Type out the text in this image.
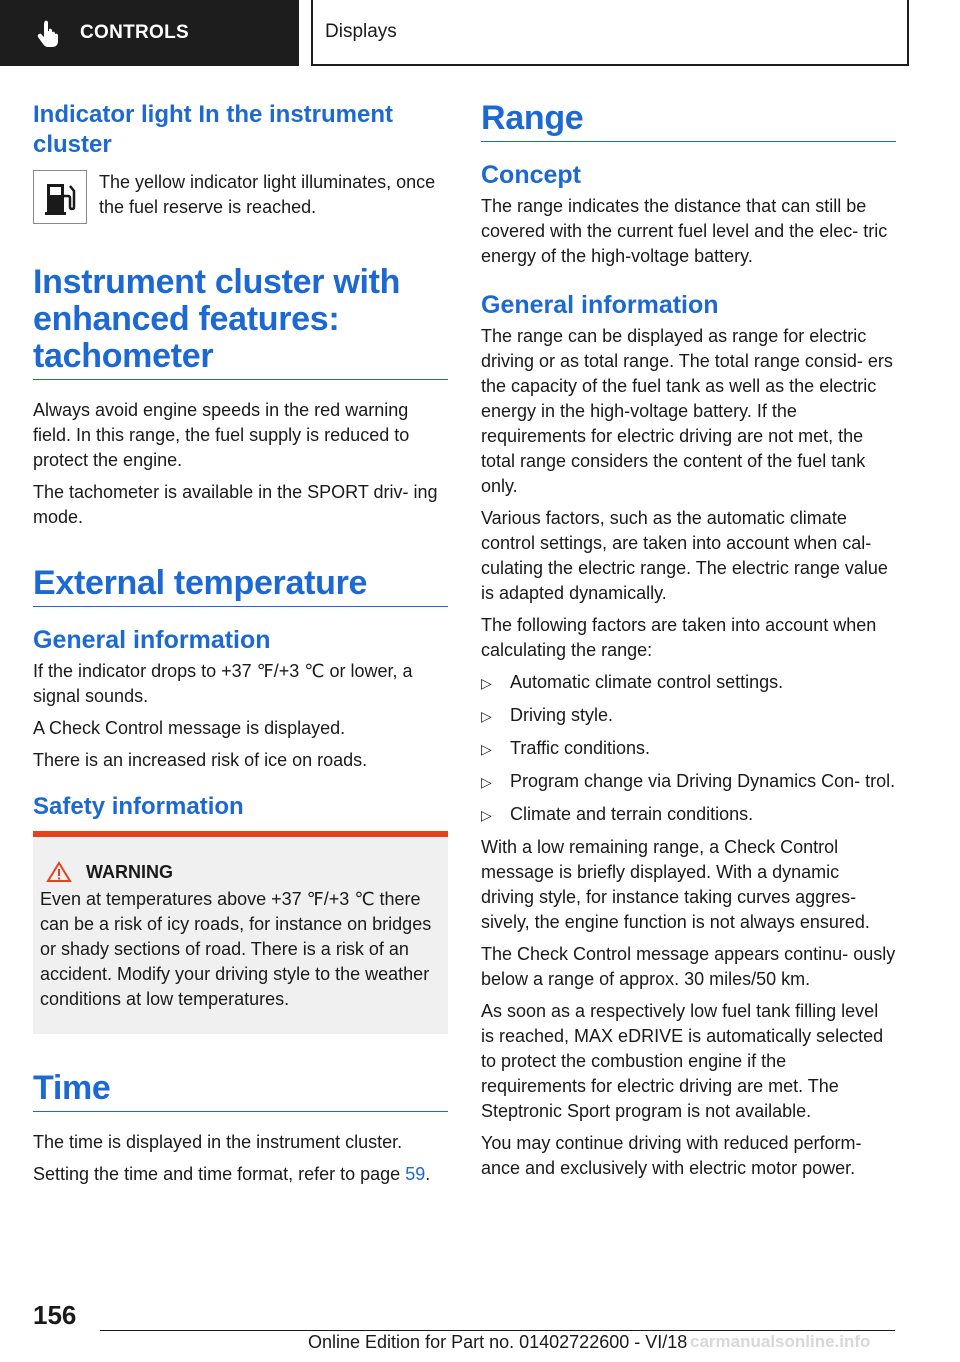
CONTROLS	Displays
Indicator light In the instrument cluster
The yellow indicator light illuminates, once the fuel reserve is reached.
Instrument cluster with enhanced features: tachometer

Always avoid engine speeds in the red warning field. In this range, the fuel supply is reduced to protect the engine.

The tachometer is available in the SPORT driv‐ ing mode.

External temperature
General information

If the indicator drops to +37 ℉/+3 ℃ or lower, a signal sounds.

A Check Control message is displayed.

There is an increased risk of ice on roads.

Safety information
WARNING

Even at temperatures above +37 ℉/+3 ℃ there can be a risk of icy roads, for instance on bridges or shady sections of road. There is a risk of an accident. Modify your driving style to the weather conditions at low temperatures.

Time

The time is displayed in the instrument cluster.

Setting the time and time format, refer to page 59.

Range
Concept

The range indicates the distance that can still be covered with the current fuel level and the elec‐ tric energy of the high-voltage battery.

General information

The range can be displayed as range for electric driving or as total range. The total range consid‐ ers the capacity of the fuel tank as well as the electric energy in the high-voltage battery. If the requirements for electric driving are not met, the total range considers the content of the fuel tank only.

Various factors, such as the automatic climate control settings, are taken into account when cal‐ culating the electric range. The electric range value is adapted dynamically.

The following factors are taken into account when calculating the range:

▷	Automatic climate control settings.
▷	Driving style.
▷	Traffic conditions.
▷	Program change via Driving Dynamics Con‐ trol.
▷	Climate and terrain conditions.

With a low remaining range, a Check Control message is briefly displayed. With a dynamic driving style, for instance taking curves aggres‐ sively, the engine function is not always ensured.

The Check Control message appears continu‐ ously below a range of approx. 30 miles/50 km.

As soon as a respectively low fuel tank filling level is reached, MAX eDRIVE is automatically selected to protect the combustion engine if the requirements for electric driving are met. The Steptronic Sport program is not available.

You may continue driving with reduced perform‐ ance and exclusively with electric motor power.

156
Online Edition for Part no. 01402722600 - VI/18 carmanualsonline.info
